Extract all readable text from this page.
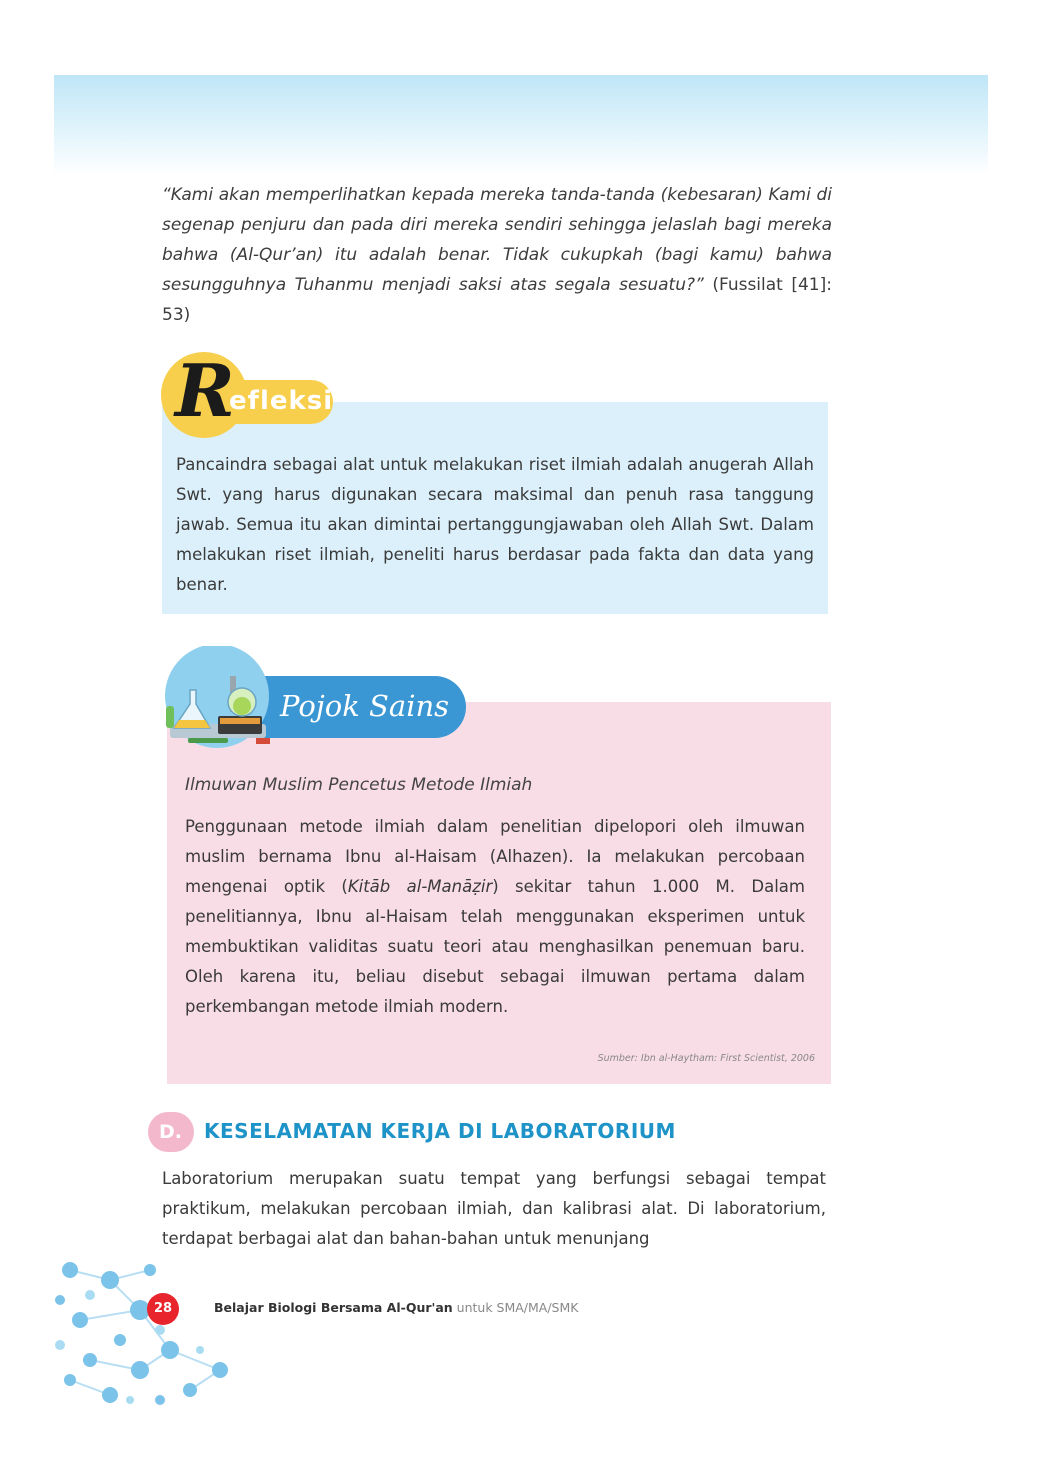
“Kami akan memperlihatkan kepada mereka tanda-tanda (kebesaran) Kami di segenap penjuru dan pada diri mereka sendiri sehingga jelaslah bagi mereka bahwa (Al-Qur’an) itu adalah benar. Tidak cukupkah (bagi kamu) bahwa sesungguhnya Tuhanmu menjadi saksi atas segala sesuatu?” (Fussilat [41]: 53)
R
efleksi
Pancaindra sebagai alat untuk melakukan riset ilmiah adalah anugerah Allah Swt. yang harus digunakan secara maksimal dan penuh rasa tanggung jawab. Semua itu akan dimintai pertanggungjawaban oleh Allah Swt. Dalam melakukan riset ilmiah, peneliti harus berdasar pada fakta dan data yang benar.
Pojok Sains
Ilmuwan Muslim Pencetus Metode Ilmiah
Penggunaan metode ilmiah dalam penelitian dipelopori oleh ilmuwan muslim bernama Ibnu al-Haisam (Alhazen). Ia melakukan percobaan mengenai optik (Kitāb al-Manāẓir) sekitar tahun 1.000 M. Dalam penelitiannya, Ibnu al-Haisam telah menggunakan eksperimen untuk membuktikan validitas suatu teori atau menghasilkan penemuan baru. Oleh karena itu, beliau disebut sebagai ilmuwan pertama dalam perkembangan metode ilmiah modern.
Sumber: Ibn al-Haytham: First Scientist, 2006
D.	KESELAMATAN KERJA DI LABORATORIUM
Laboratorium merupakan suatu tempat yang berfungsi sebagai tempat praktikum, melakukan percobaan ilmiah, dan kalibrasi alat. Di laboratorium, terdapat berbagai alat dan bahan-bahan untuk menunjang
28	Belajar Biologi Bersama Al-Qur'an untuk SMA/MA/SMK
